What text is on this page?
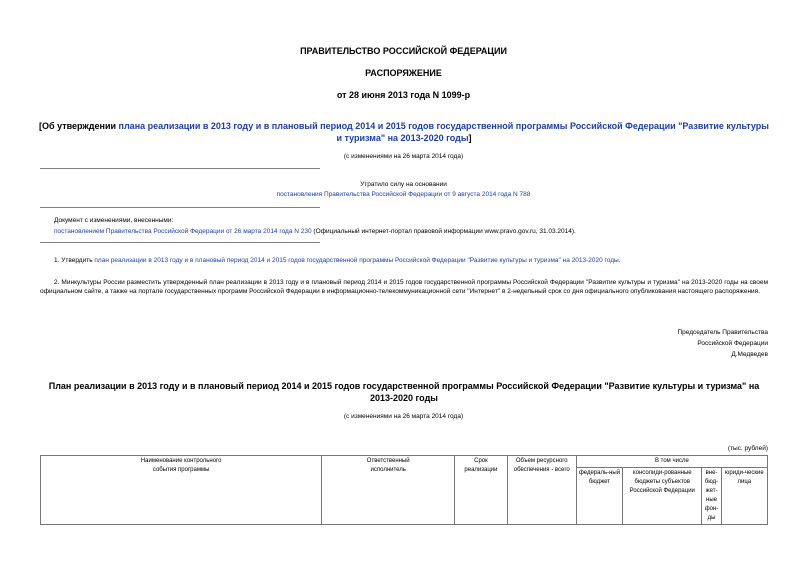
ПРАВИТЕЛЬСТВО РОССИЙСКОЙ ФЕДЕРАЦИИ
РАСПОРЯЖЕНИЕ
от 28 июня 2013 года N 1099-р
[Об утверждении плана реализации в 2013 году и в плановый период 2014 и 2015 годов государственной программы Российской Федерации "Развитие культуры и туризма" на 2013-2020 годы]
(с изменениями на 26 марта 2014 года)
Утратило силу на основании
постановления Правительства Российской Федерации от 9 августа 2014 года N 788
Документ с изменениями, внесенными:
постановлением Правительства Российской Федерации от 26 марта 2014 года N 230 (Официальный интернет-портал правовой информации www.pravo.gov.ru, 31.03.2014).
1. Утвердить план реализации в 2013 году и в плановый период 2014 и 2015 годов государственной программы Российской Федерации "Развитие культуры и туризма" на 2013-2020 годы.
2. Минкультуры России разместить утвержденный план реализации в 2013 году и в плановый период 2014 и 2015 годов государственной программы Российской Федерации "Развитие культуры и туризма" на 2013-2020 годы на своем официальном сайте, а также на портале государственных программ Российской Федерации в информационно-телекоммуникационной сети "Интернет" в 2-недельный срок со дня официального опубликования настоящего распоряжения.
Председатель Правительства
Российской Федерации
Д.Медведев
План реализации в 2013 году и в плановый период 2014 и 2015 годов государственной программы Российской Федерации "Развитие культуры и туризма" на 2013-2020 годы
(с изменениями на 26 марта 2014 года)
(тыс. рублей)
Наименование контрольного события программы	Ответственный исполнитель	Срок реализации	Объем ресурсного обеспечения - всего	В том числе			
				федераль-ный бюджет	консолиди-рованные бюджеты субъектов Российской Федерации	вне-бюд-жет-ные фон-ды	юриди-ческие лица
